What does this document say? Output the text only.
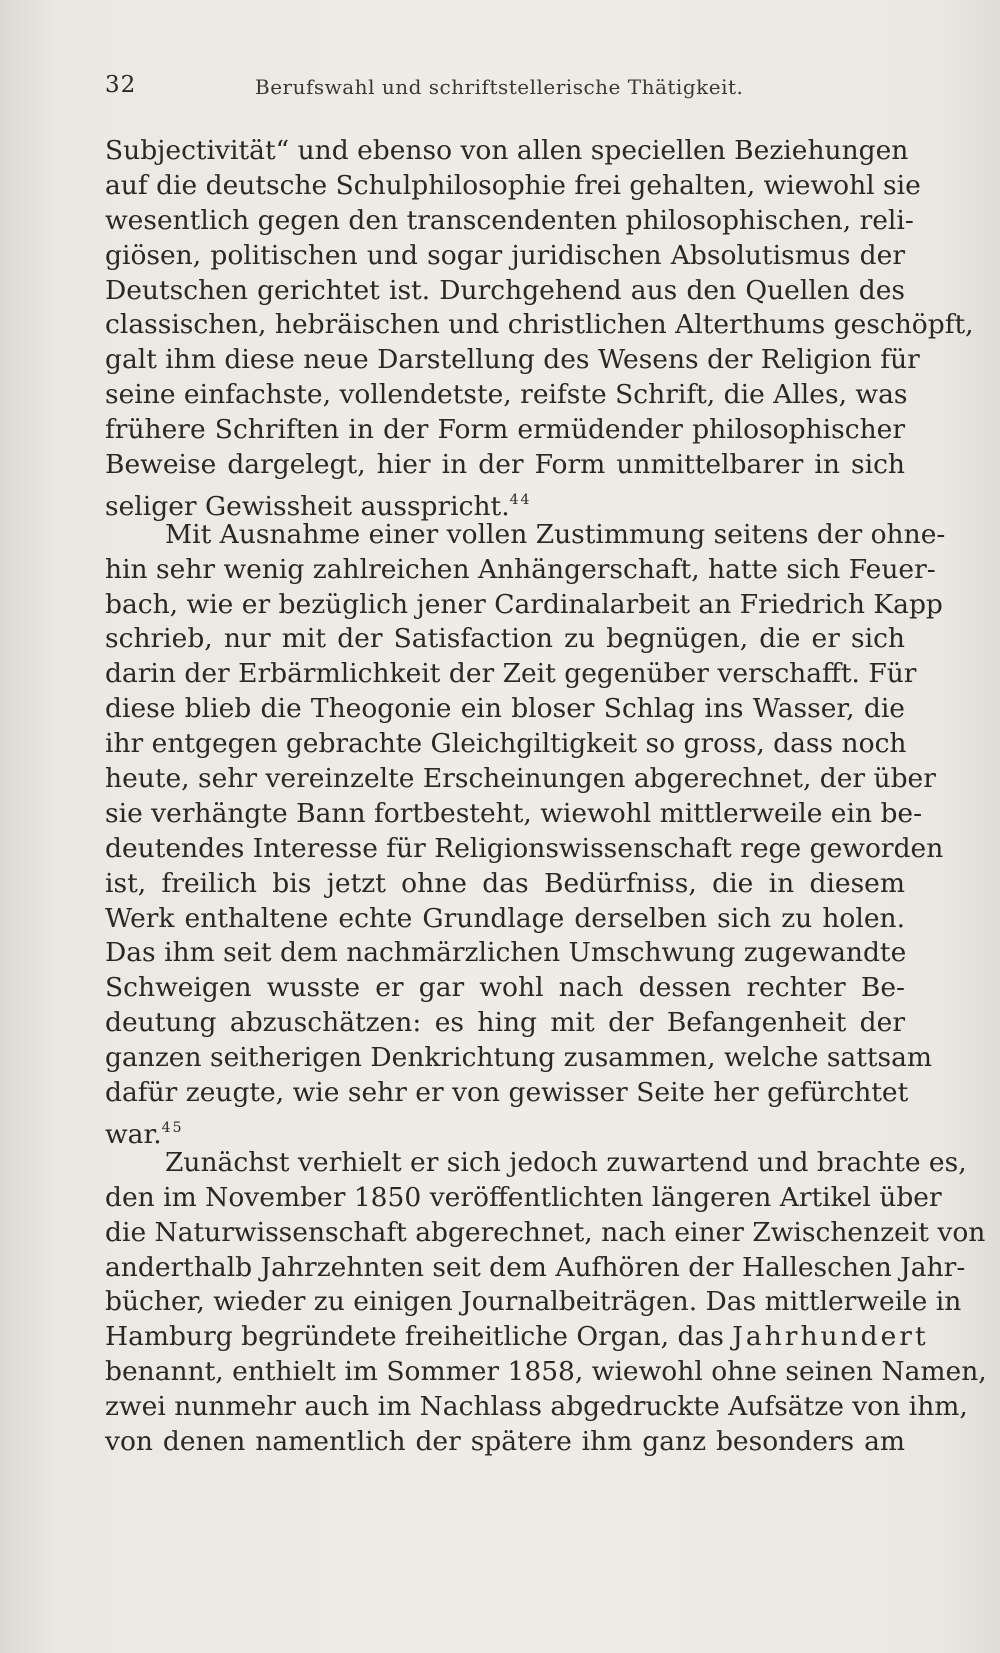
32	Berufswahl und schriftstellerische Thätigkeit.
Subjectivität“ und ebenso von allen speciellen Beziehungen
auf die deutsche Schulphilosophie frei gehalten, wiewohl sie
wesentlich gegen den transcendenten philosophischen, reli-
giösen, politischen und sogar juridischen Absolutismus der
Deutschen gerichtet ist. Durchgehend aus den Quellen des
classischen, hebräischen und christlichen Alterthums geschöpft,
galt ihm diese neue Darstellung des Wesens der Religion für
seine einfachste, vollendetste, reifste Schrift, die Alles, was
frühere Schriften in der Form ermüdender philosophischer
Beweise dargelegt, hier in der Form unmittelbarer in sich
seliger Gewissheit ausspricht.$^{44}$
Mit Ausnahme einer vollen Zustimmung seitens der ohne-
hin sehr wenig zahlreichen Anhängerschaft, hatte sich Feuer-
bach, wie er bezüglich jener Cardinalarbeit an Friedrich Kapp
schrieb, nur mit der Satisfaction zu begnügen, die er sich
darin der Erbärmlichkeit der Zeit gegenüber verschafft. Für
diese blieb die Theogonie ein bloser Schlag ins Wasser, die
ihr entgegen gebrachte Gleichgiltigkeit so gross, dass noch
heute, sehr vereinzelte Erscheinungen abgerechnet, der über
sie verhängte Bann fortbesteht, wiewohl mittlerweile ein be-
deutendes Interesse für Religionswissenschaft rege geworden
ist, freilich bis jetzt ohne das Bedürfniss, die in diesem
Werk enthaltene echte Grundlage derselben sich zu holen.
Das ihm seit dem nachmärzlichen Umschwung zugewandte
Schweigen wusste er gar wohl nach dessen rechter Be-
deutung abzuschätzen: es hing mit der Befangenheit der
ganzen seitherigen Denkrichtung zusammen, welche sattsam
dafür zeugte, wie sehr er von gewisser Seite her gefürchtet
war.$^{45}$
Zunächst verhielt er sich jedoch zuwartend und brachte es,
den im November 1850 veröffentlichten längeren Artikel über
die Naturwissenschaft abgerechnet, nach einer Zwischenzeit von
anderthalb Jahrzehnten seit dem Aufhören der Halleschen Jahr-
bücher, wieder zu einigen Journalbeiträgen. Das mittlerweile in
Hamburg begründete freiheitliche Organ, das Jahrhundert
benannt, enthielt im Sommer 1858, wiewohl ohne seinen Namen,
zwei nunmehr auch im Nachlass abgedruckte Aufsätze von ihm,
von denen namentlich der spätere ihm ganz besonders am
